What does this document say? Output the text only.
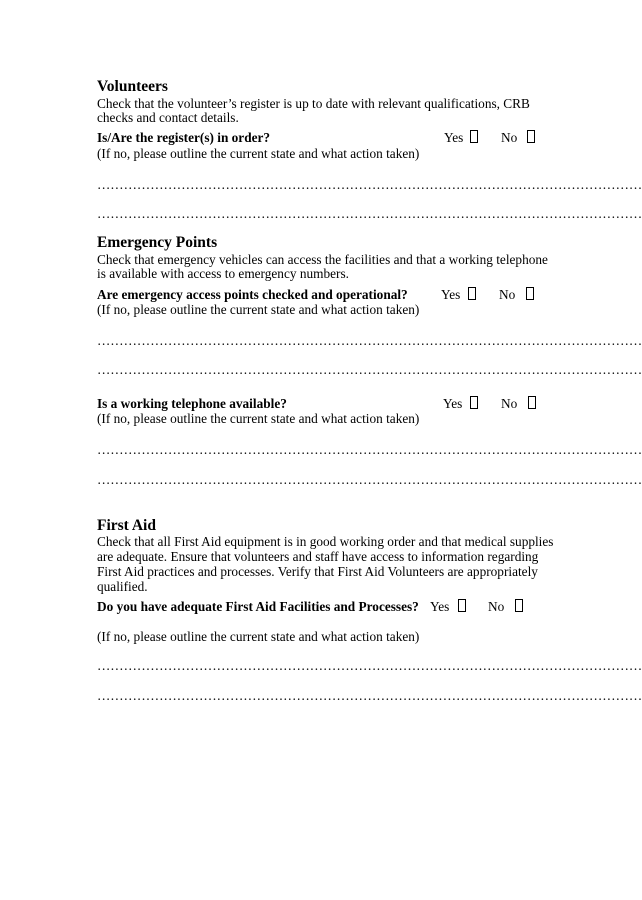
Volunteers
Check that the volunteer’s register is up to date with relevant qualifications, CRB
checks and contact details.
Is/Are the register(s) in order?	Yes	No
(If no, please outline the current state and what action taken)
……………………………………………………………………………………………………………
……………………………………………………………………………………………………………
Emergency Points
Check that emergency vehicles can access the facilities and that a working telephone
is available with access to emergency numbers.
Are emergency access points checked and operational?	Yes	No
(If no, please outline the current state and what action taken)
……………………………………………………………………………………………………………
……………………………………………………………………………………………………………
Is a working telephone available?	Yes	No
(If no, please outline the current state and what action taken)
……………………………………………………………………………………………………………
……………………………………………………………………………………………………………
First Aid
Check that all First Aid equipment is in good working order and that medical supplies
are adequate. Ensure that volunteers and staff have access to information regarding
First Aid practices and processes. Verify that First Aid Volunteers are appropriately
qualified.
Do you have adequate First Aid Facilities and Processes? Yes	No
(If no, please outline the current state and what action taken)
……………………………………………………………………………………………………………
……………………………………………………………………………………………………………
